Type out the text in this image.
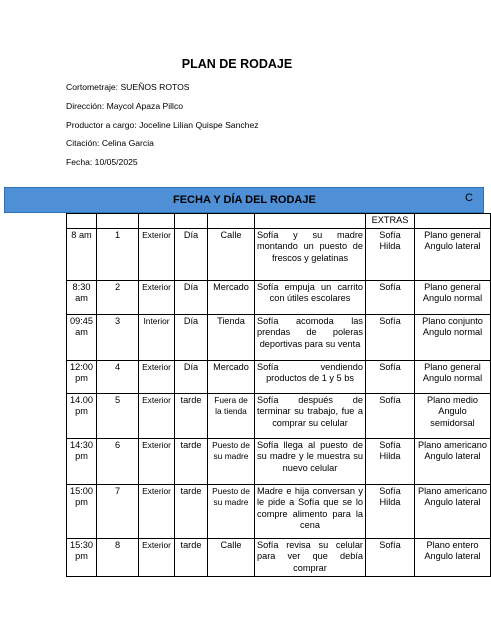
PLAN DE RODAJE
Cortometraje: SUEÑOS ROTOS
Dirección: Maycol Apaza Pillco
Productor a cargo: Joceline Lilian Quispe Sanchez
Citación: Celina Garcia
Fecha: 10/05/2025
FECHA Y DÍA DEL RODAJE	C
						EXTRAS	
8 am	1	Exterior	Día	Calle	Sofía y su madre montando un puesto de frescos y gelatinas	Sofía Hilda	Plano general Angulo lateral
8:30 am	2	Exterior	Día	Mercado	Sofía empuja un carrito con útiles escolares	Sofía	Plano general Angulo normal
09:45 am	3	Interior	Día	Tienda	Sofía acomoda las prendas de poleras deportivas para su venta	Sofía	Plano conjunto Angulo normal
12:00pm	4	Exterior	Día	Mercado	Sofía vendiendo productos de 1 y 5 bs	Sofía	Plano general Angulo normal
14.00 pm	5	Exterior	tarde	Fuera de la tienda	Sofía después de terminar su trabajo, fue a comprar su celular	Sofía	Plano medio Angulo semidorsal
14:30 pm	6	Exterior	tarde	Puesto de su madre	Sofía llega al puesto de su madre y le muestra su nuevo celular	Sofía Hilda	Plano americano Angulo lateral
15:00 pm	7	Exterior	tarde	Puesto de su madre	Madre e hija conversan y le pide a Sofía que se lo compre alimento para la cena	Sofía Hilda	Plano americano Angulo lateral
15:30 pm	8	Exterior	tarde	Calle	Sofía revisa su celular para ver que debía comprar	Sofía	Plano entero Angulo lateral
